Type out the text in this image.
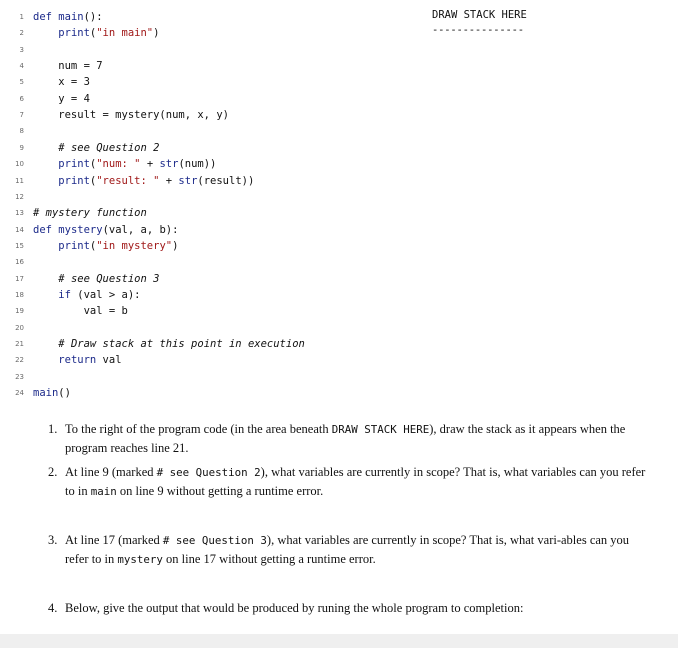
1 def main():
2	print("in main")
3
4 num = 7
5 x = 3
6 y = 4
7 result = mystery(num, x, y)
8
9	# see Question 2
10	print("num: " + str(num))
11	print("result: " + str(result))
12
13 # mystery function
14 def mystery(val, a, b):
15	print("in mystery")
16
17	# see Question 3
18	if (val > a):
19 val = b
20
21	# Draw stack at this point in execution
22	return val
23
24 main()
DRAW STACK HERE
---------------
1. To the right of the program code (in the area beneath DRAW STACK HERE), draw the stack as it appears when the program reaches line 21.
2. At line 9 (marked # see Question 2), what variables are currently in scope? That is, what variables can you refer to in main on line 9 without getting a runtime error.
3. At line 17 (marked # see Question 3), what variables are currently in scope? That is, what vari-ables can you refer to in mystery on line 17 without getting a runtime error.
4. Below, give the output that would be produced by runing the whole program to completion:
